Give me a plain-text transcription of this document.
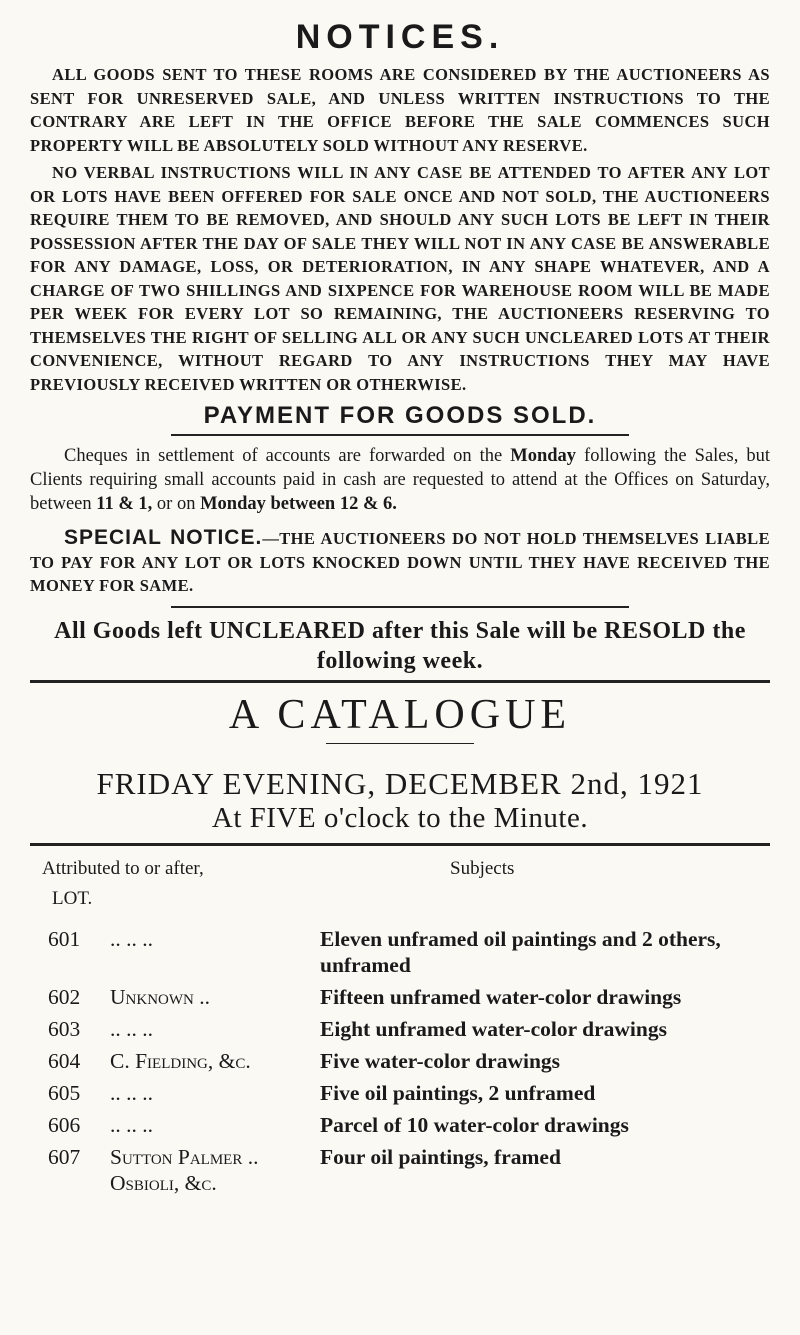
NOTICES.

ALL GOODS SENT TO THESE ROOMS ARE CONSIDERED BY THE AUCTIONEERS AS SENT FOR UNRESERVED SALE, AND UNLESS WRITTEN INSTRUCTIONS TO THE CONTRARY ARE LEFT IN THE OFFICE BEFORE THE SALE COMMENCES SUCH PROPERTY WILL BE ABSOLUTELY SOLD WITHOUT ANY RESERVE.

NO VERBAL INSTRUCTIONS WILL IN ANY CASE BE ATTENDED TO AFTER ANY LOT OR LOTS HAVE BEEN OFFERED FOR SALE ONCE AND NOT SOLD, THE AUCTIONEERS REQUIRE THEM TO BE REMOVED, AND SHOULD ANY SUCH LOTS BE LEFT IN THEIR POSSESSION AFTER THE DAY OF SALE THEY WILL NOT IN ANY CASE BE ANSWERABLE FOR ANY DAMAGE, LOSS, OR DETERIORATION, IN ANY SHAPE WHATEVER, AND A CHARGE OF TWO SHILLINGS AND SIXPENCE FOR WAREHOUSE ROOM WILL BE MADE PER WEEK FOR EVERY LOT SO REMAINING, THE AUCTIONEERS RESERVING TO THEMSELVES THE RIGHT OF SELLING ALL OR ANY SUCH UNCLEARED LOTS AT THEIR CONVENIENCE, WITHOUT REGARD TO ANY INSTRUCTIONS THEY MAY HAVE PREVIOUSLY RECEIVED WRITTEN OR OTHERWISE.

PAYMENT FOR GOODS SOLD.

Cheques in settlement of accounts are forwarded on the Monday following the Sales, but Clients requiring small accounts paid in cash are requested to attend at the Offices on Saturday, between 11 & 1, or on Monday between 12 & 6.

SPECIAL NOTICE.—THE AUCTIONEERS DO NOT HOLD THEMSELVES LIABLE TO PAY FOR ANY LOT OR LOTS KNOCKED DOWN UNTIL THEY HAVE RECEIVED THE MONEY FOR SAME.

All Goods left UNCLEARED after this Sale will be RESOLD the following week.

A CATALOGUE
FRIDAY EVENING, DECEMBER 2nd, 1921
At FIVE o'clock to the Minute.
Attributed to or after,	Subjects
LOT.
601	.. .. ..	Eleven unframed oil paintings and 2 others, unframed
602	Unknown ..	Fifteen unframed water-color drawings
603	.. .. ..	Eight unframed water-color drawings
604	C. Fielding, &c.	Five water-color drawings
605	.. .. ..	Five oil paintings, 2 unframed
606	.. .. ..	Parcel of 10 water-color drawings
607	Sutton Palmer .. Osbioli, &c.	Four oil paintings, framed
